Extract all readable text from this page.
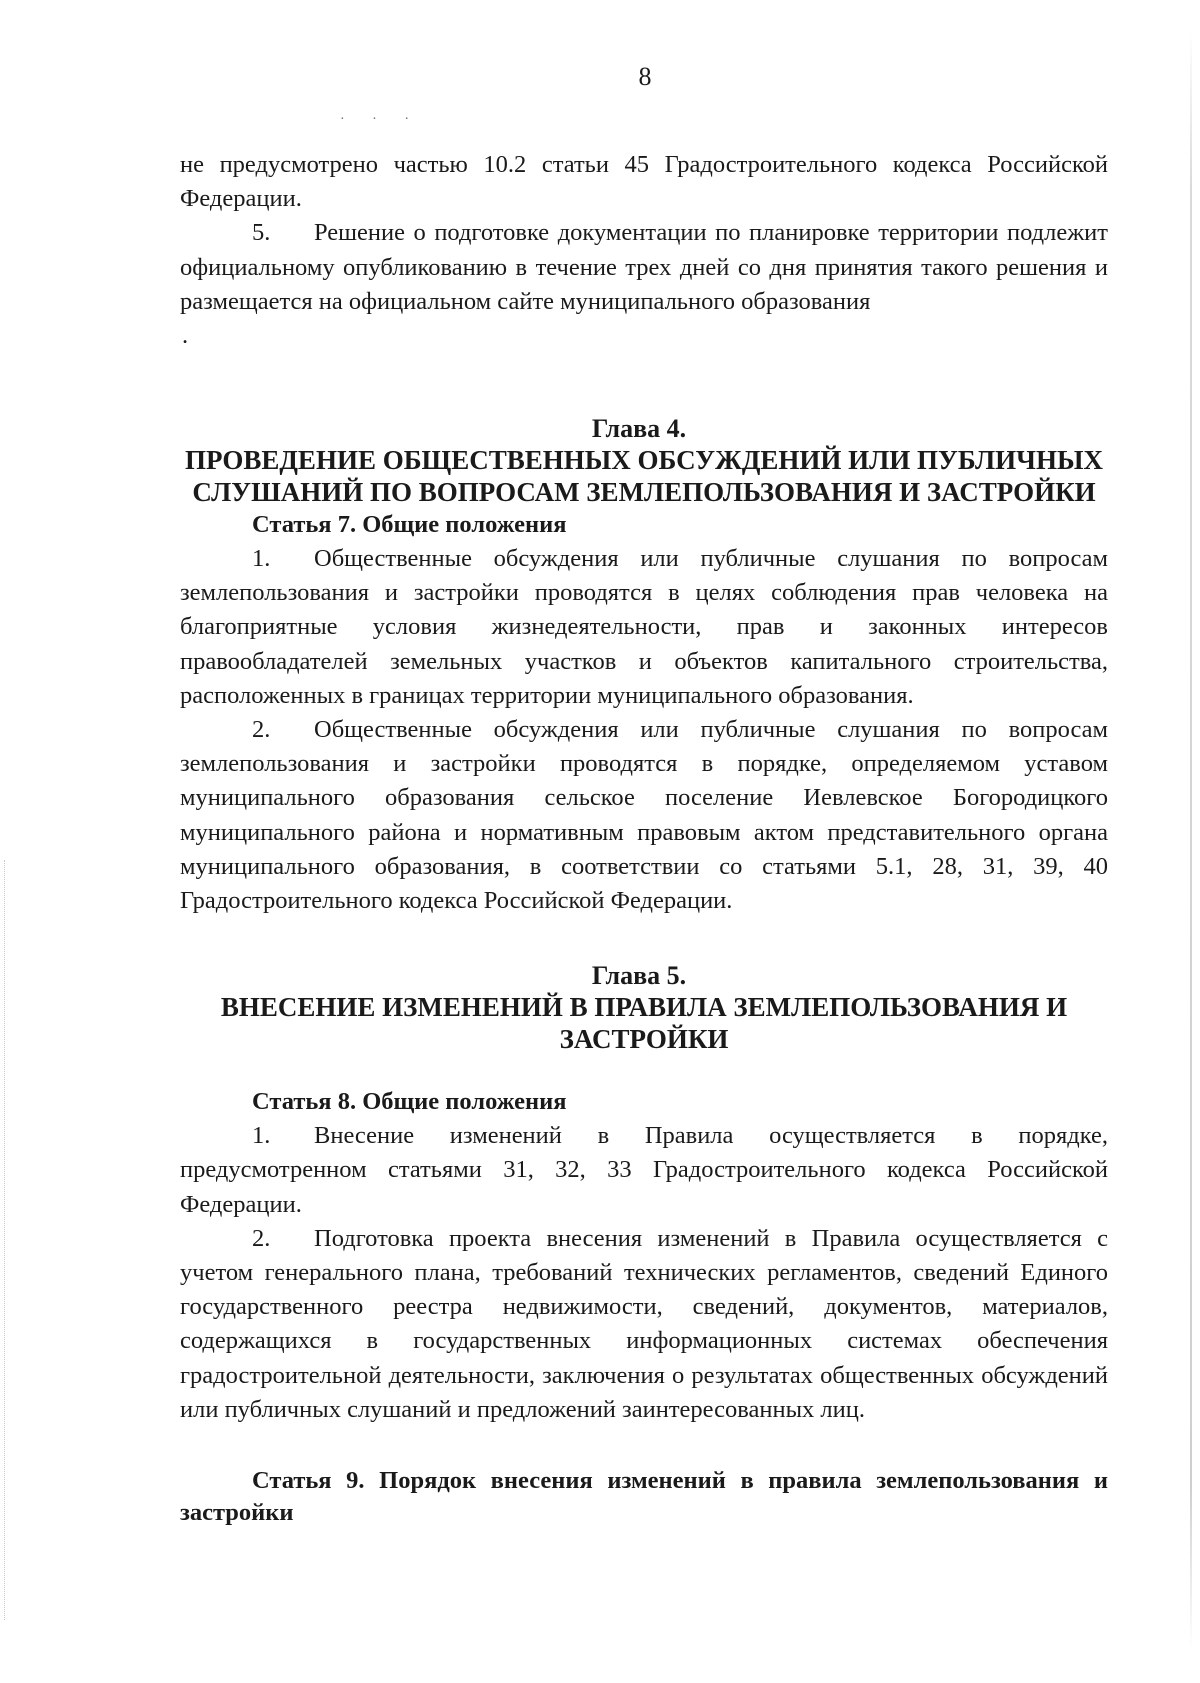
8
· · ·

не предусмотрено частью 10.2 статьи 45 Градостроительного кодекса Российской Федерации.

5. Решение о подготовке документации по планировке территории подлежит официальному опубликованию в течение трех дней со дня принятия такого решения и размещается на официальном сайте муниципального образования

.

Глава 4.
ПРОВЕДЕНИЕ ОБЩЕСТВЕННЫХ ОБСУЖДЕНИЙ ИЛИ ПУБЛИЧНЫХ СЛУШАНИЙ ПО ВОПРОСАМ ЗЕМЛЕПОЛЬЗОВАНИЯ И ЗАСТРОЙКИ
Статья 7. Общие положения

1. Общественные обсуждения или публичные слушания по вопросам землепользования и застройки проводятся в целях соблюдения прав человека на благоприятные условия жизнедеятельности, прав и законных интересов правообладателей земельных участков и объектов капитального строительства, расположенных в границах территории муниципального образования.

2. Общественные обсуждения или публичные слушания по вопросам землепользования и застройки проводятся в порядке, определяемом уставом муниципального образования сельское поселение Иевлевское Богородицкого муниципального района и нормативным правовым актом представительного органа муниципального образования, в соответствии со статьями 5.1, 28, 31, 39, 40 Градостроительного кодекса Российской Федерации.

Глава 5.
ВНЕСЕНИЕ ИЗМЕНЕНИЙ В ПРАВИЛА ЗЕМЛЕПОЛЬЗОВАНИЯ И ЗАСТРОЙКИ
Статья 8. Общие положения

1. Внесение изменений в Правила осуществляется в порядке, предусмотренном статьями 31, 32, 33 Градостроительного кодекса Российской Федерации.

2. Подготовка проекта внесения изменений в Правила осуществляется с учетом генерального плана, требований технических регламентов, сведений Единого государственного реестра недвижимости, сведений, документов, материалов, содержащихся в государственных информационных системах обеспечения градостроительной деятельности, заключения о результатах общественных обсуждений или публичных слушаний и предложений заинтересованных лиц.

Статья 9. Порядок внесения изменений в правила землепользования и застройки
